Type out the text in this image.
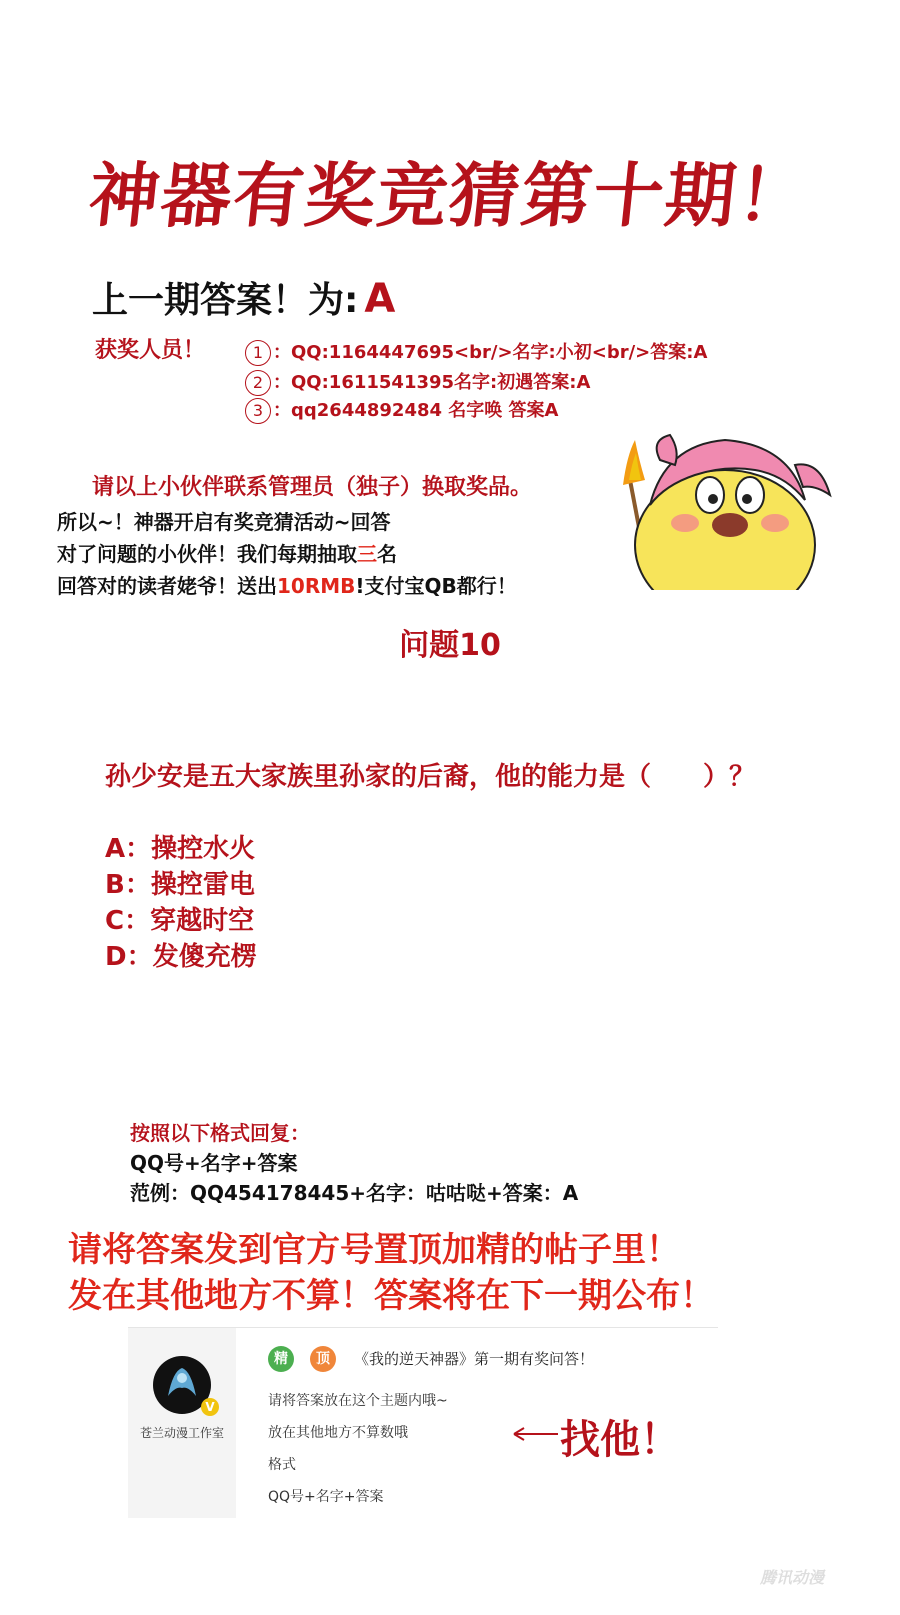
神器有奖竞猜第十期！
上一期答案！为: A
获奖人员！	1 ：QQ:1164447695<br/>名字:小初<br/>答案:A
2 ：QQ:1611541395名字:初遇答案:A
3 ：qq2644892484 名字唤 答案A
请以上小伙伴联系管理员（独子）换取奖品。
所以~！神器开启有奖竞猜活动~回答
对了问题的小伙伴！我们每期抽取三名
回答对的读者姥爷！送出10RMB!支付宝QB都行！
问题10
孙少安是五大家族里孙家的后裔，他的能力是（　　）？
A：操控水火
B：操控雷电
C：穿越时空
D：发傻充楞
按照以下格式回复：
QQ号+名字+答案
范例：QQ454178445+名字：咕咕哒+答案：A
请将答案发到官方号置顶加精的帖子里！
发在其他地方不算！答案将在下一期公布！
V
苍兰动漫工作室
精	顶	《我的逆天神器》第一期有奖问答！
请将答案放在这个主题内哦~
放在其他地方不算数哦
格式
QQ号+名字+答案
找他！
腾讯动漫
